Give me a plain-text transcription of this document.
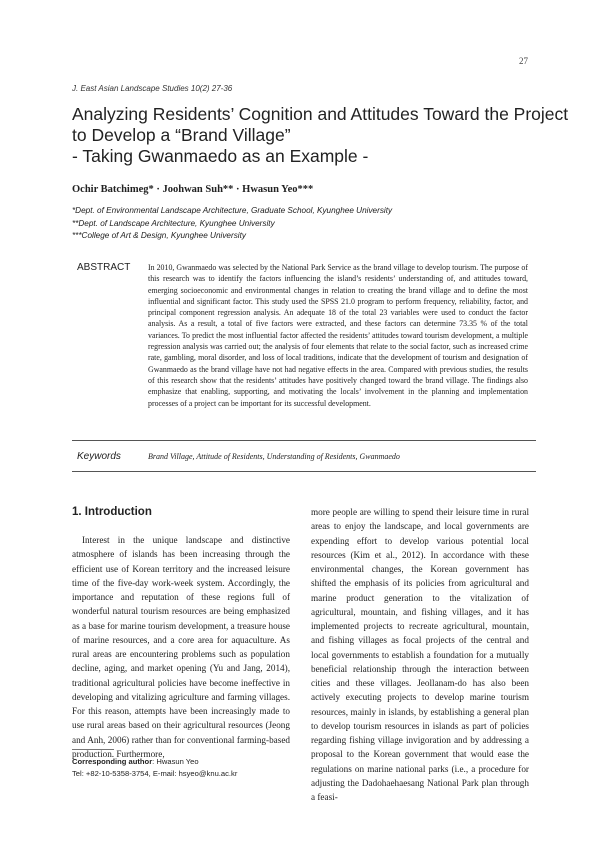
27
J. East Asian Landscape Studies 10(2) 27-36
Analyzing Residents’ Cognition and Attitudes Toward the Project
to Develop a “Brand Village”
- Taking Gwanmaedo as an Example -
Ochir Batchimeg* · Joohwan Suh** · Hwasun Yeo***
*Dept. of Environmental Landscape Architecture, Graduate School, Kyunghee University
**Dept. of Landscape Architecture, Kyunghee University
***College of Art & Design, Kyunghee University
ABSTRACT In 2010, Gwanmaedo was selected by the National Park Service as the brand village to develop tourism. The purpose of this research was to identify the factors influencing the island’s residents’ understanding of, and attitudes toward, emerging socioeconomic and environmental changes in relation to creating the brand village and to define the most influential and significant factor. This study used the SPSS 21.0 program to perform frequency, reliability, factor, and principal component regression analysis. An adequate 18 of the total 23 variables were used to conduct the factor analysis. As a result, a total of five factors were extracted, and these factors can determine 73.35 % of the total variances. To predict the most influential factor affected the residents’ attitudes toward tourism development, a multiple regression analysis was carried out; the analysis of four elements that relate to the social factor, such as increased crime rate, gambling, moral disorder, and loss of local traditions, indicate that the development of tourism and designation of Gwanmaedo as the brand village have not had negative effects in the area. Compared with previous studies, the results of this research show that the residents’ attitudes have positively changed toward the brand village. The findings also emphasize that enabling, supporting, and motivating the locals’ involvement in the planning and implementation processes of a project can be important for its successful development.
Keywords	Brand Village, Attitude of Residents, Understanding of Residents, Gwanmaedo
1. Introduction

Interest in the unique landscape and distinctive atmosphere of islands has been increasing through the efficient use of Korean territory and the increased leisure time of the five-day work-week system. Accordingly, the importance and reputation of these regions full of wonderful natural tourism resources are being emphasized as a base for marine tourism development, a treasure house of marine resources, and a core area for aquaculture. As rural areas are encountering problems such as population decline, aging, and market opening (Yu and Jang, 2014), traditional agricultural policies have become ineffective in developing and vitalizing agriculture and farming villages. For this reason, attempts have been increasingly made to use rural areas based on their agricultural resources (Jeong and Anh, 2006) rather than for conventional farming-based production. Furthermore,

more people are willing to spend their leisure time in rural areas to enjoy the landscape, and local governments are expending effort to develop various potential local resources (Kim et al., 2012). In accordance with these environmental changes, the Korean government has shifted the emphasis of its policies from agricultural and marine product generation to the vitalization of agricultural, mountain, and fishing villages, and it has implemented projects to recreate agricultural, mountain, and fishing villages as focal projects of the central and local governments to establish a foundation for a mutually beneficial relationship through the interaction between cities and these villages. Jeollanam-do has also been actively executing projects to develop marine tourism resources, mainly in islands, by establishing a general plan to develop tourism resources in islands as part of policies regarding fishing village invigoration and by addressing a proposal to the Korean government that would ease the regulations on marine national parks (i.e., a procedure for adjusting the Dadohaehaesang National Park plan through a feasi-

Corresponding author: Hwasun Yeo
Tel: +82-10-5358-3754, E-mail: hsyeo@knu.ac.kr
